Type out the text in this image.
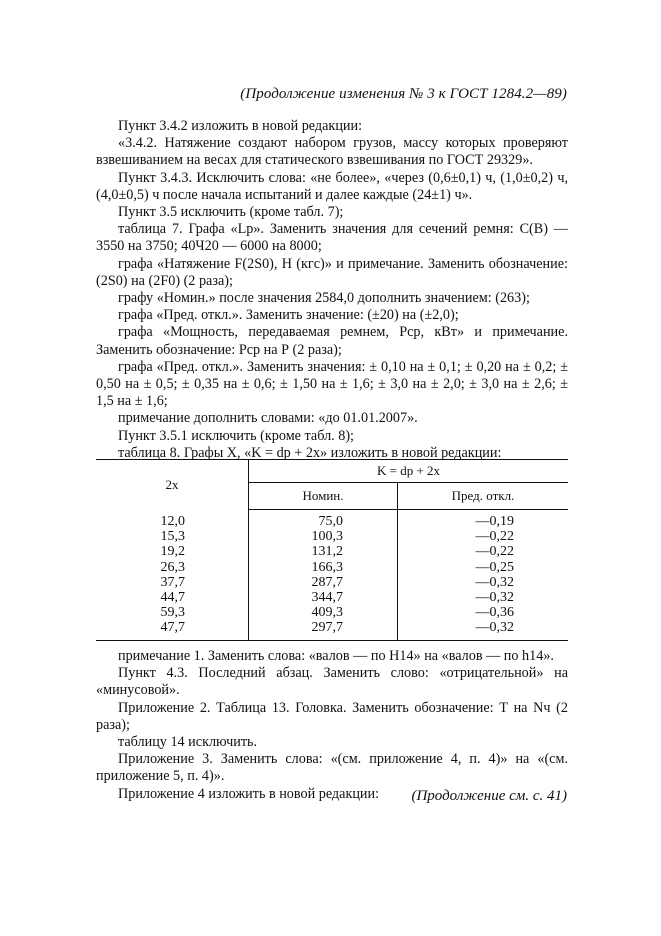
(Продолжение изменения № 3 к ГОСТ 1284.2—89)

Пункт 3.4.2 изложить в новой редакции:

«3.4.2. Натяжение создают набором грузов, массу которых проверяют взвешиванием на весах для статического взвешивания по ГОСТ 29329».

Пункт 3.4.3. Исключить слова: «не более», «через (0,6±0,1) ч, (1,0±0,2) ч, (4,0±0,5) ч после начала испытаний и далее каждые (24±1) ч».

Пункт 3.5 исключить (кроме табл. 7);

таблица 7. Графа «Lр». Заменить значения для сечений ремня: С(В) — 3550 на 3750; 40Ч20 — 6000 на 8000;

графа «Натяжение F(2S0), Н (кгс)» и примечание. Заменить обозначение: (2S0) на (2F0) (2 раза);

графу «Номин.» после значения 2584,0 дополнить значением: (263);

графа «Пред. откл.». Заменить значение: (±20) на (±2,0);

графа «Мощность, передаваемая ремнем, Рср, кВт» и примечание. Заменить обозначение: Рср на Р (2 раза);

графа «Пред. откл.». Заменить значения: ± 0,10 на ± 0,1; ± 0,20 на ± 0,2; ± 0,50 на ± 0,5; ± 0,35 на ± 0,6; ± 1,50 на ± 1,6; ± 3,0 на ± 2,0; ± 3,0 на ± 2,6; ± 1,5 на ± 1,6;

примечание дополнить словами: «до 01.01.2007».

Пункт 3.5.1 исключить (кроме табл. 8);

таблица 8. Графы X, «K = dр + 2x» изложить в новой редакции:

2x	K = dр + 2x	
	Номин.	Пред. откл.
12,0	75,0	—0,19
15,3	100,3	—0,22
19,2	131,2	—0,22
26,3	166,3	—0,25
37,7	287,7	—0,32
44,7	344,7	—0,32
59,3	409,3	—0,36
47,7	297,7	—0,32

примечание 1. Заменить слова: «валов — по Н14» на «валов — по h14».

Пункт 4.3. Последний абзац. Заменить слово: «отрицательной» на «минусовой».

Приложение 2. Таблица 13. Головка. Заменить обозначение: Т на Nч (2 раза);

таблицу 14 исключить.

Приложение 3. Заменить слова: «(см. приложение 4, п. 4)» на «(см. приложение 5, п. 4)».

Приложение 4 изложить в новой редакции:	(Продолжение см. с. 41)
